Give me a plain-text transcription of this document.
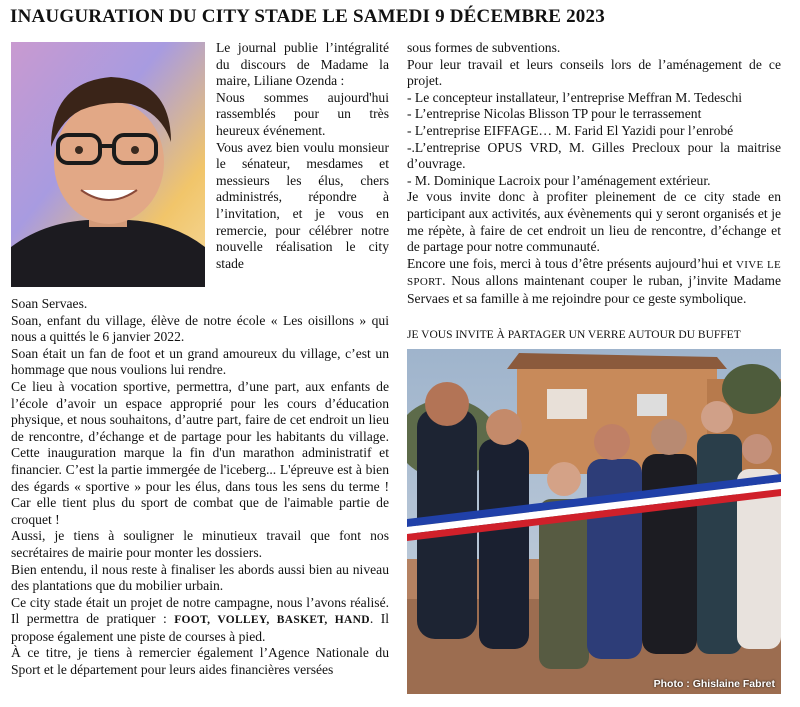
INAUGURATION DU CITY STADE LE SAMEDI 9 DÉCEMBRE 2023

Le journal publie l’intégralité du discours de Madame la maire, Liliane Ozenda :

Nous sommes aujourd'hui rassemblés pour un très heureux événement.

Vous avez bien voulu monsieur le sénateur, mesdames et messieurs les élus, chers administrés, répondre à l’invitation, et je vous en remercie, pour célébrer notre nouvelle réalisation le city stade

Soan Servaes.

Soan, enfant du village, élève de notre école « Les oisillons » qui nous a quittés le 6 janvier 2022.

Soan était un fan de foot et un grand amoureux du village, c’est un hommage que nous voulions lui rendre.

Ce lieu à vocation sportive, permettra, d’une part, aux enfants de l’école d’avoir un espace approprié pour les cours d’éducation physique, et nous souhaitons, d’autre part, faire de cet endroit un lieu de rencontre, d’échange et de partage pour les habitants du village. Cette inauguration marque la fin d'un marathon administratif et financier. C’est la partie immergée de l'iceberg... L'épreuve est à bien des égards « sportive » pour les élus, dans tous les sens du terme ! Car elle tient plus du sport de combat que de l'aimable partie de croquet !

Aussi, je tiens à souligner le minutieux travail que font nos secrétaires de mairie pour monter les dossiers.

Bien entendu, il nous reste à finaliser les abords aussi bien au niveau des plantations que du mobilier urbain.

Ce city stade était un projet de notre campagne, nous l’avons réalisé. Il permettra de pratiquer : FOOT, VOLLEY, BASKET, HAND. Il propose également une piste de courses à pied.

À ce titre, je tiens à remercier également l’Agence Nationale du Sport et le département pour leurs aides financières versées

sous formes de subventions.

Pour leur travail et leurs conseils lors de l’aménagement de ce projet.

- Le concepteur installateur, l’entreprise Meffran M. Tedeschi

- L’entreprise Nicolas Blisson TP pour le terrassement

- L’entreprise EIFFAGE… M. Farid El Yazidi pour l’enrobé

-.L’entreprise OPUS VRD, M. Gilles Precloux pour la maitrise d’ouvrage.

- M. Dominique Lacroix pour l’aménagement extérieur.

Je vous invite donc à profiter pleinement de ce city stade en participant aux activités, aux évènements qui y seront organisés et je me répète, à faire de cet endroit un lieu de rencontre, d’échange et de partage pour notre communauté.

Encore une fois, merci à tous d’être présents aujourd’hui et VIVE LE SPORT. Nous allons maintenant couper le ruban, j’invite Madame Servaes et sa famille à me rejoindre pour ce geste symbolique.

JE VOUS INVITE À PARTAGER UN VERRE AUTOUR DU BUFFET
Photo : Ghislaine Fabret
